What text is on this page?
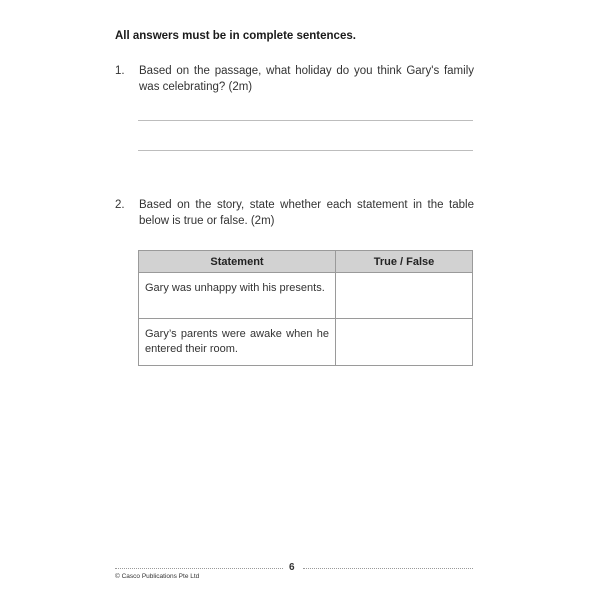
All answers must be in complete sentences.
1.	Based on the passage, what holiday do you think Gary's family was celebrating? (2m)
2.	Based on the story, state whether each statement in the table below is true or false. (2m)
Statement	True / False
Gary was unhappy with his presents.	
Gary’s parents were awake when he entered their room.	
6
© Casco Publications Pte Ltd
